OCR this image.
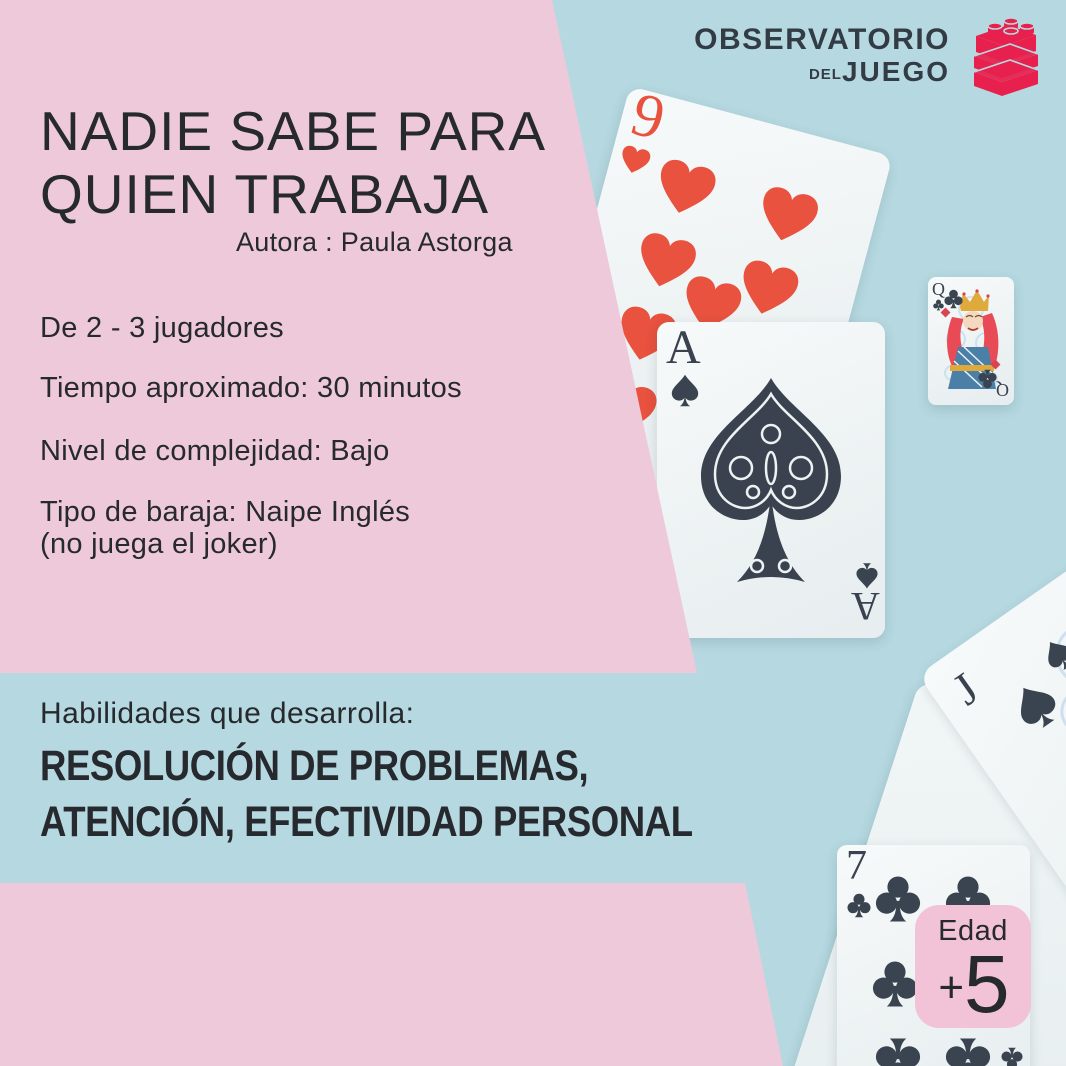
9
A
A
Q
Q
J
7
NADIE SABE PARA
QUIEN TRABAJA
Autora : Paula Astorga
De 2 - 3 jugadores
Tiempo aproximado: 30 minutos
Nivel de complejidad: Bajo
Tipo de baraja: Naipe Inglés
(no juega el joker)
Habilidades que desarrolla:
RESOLUCIÓN DE PROBLEMAS,
ATENCIÓN, EFECTIVIDAD PERSONAL
OBSERVATORIO
DELJUEGO
Edad
+ 5
